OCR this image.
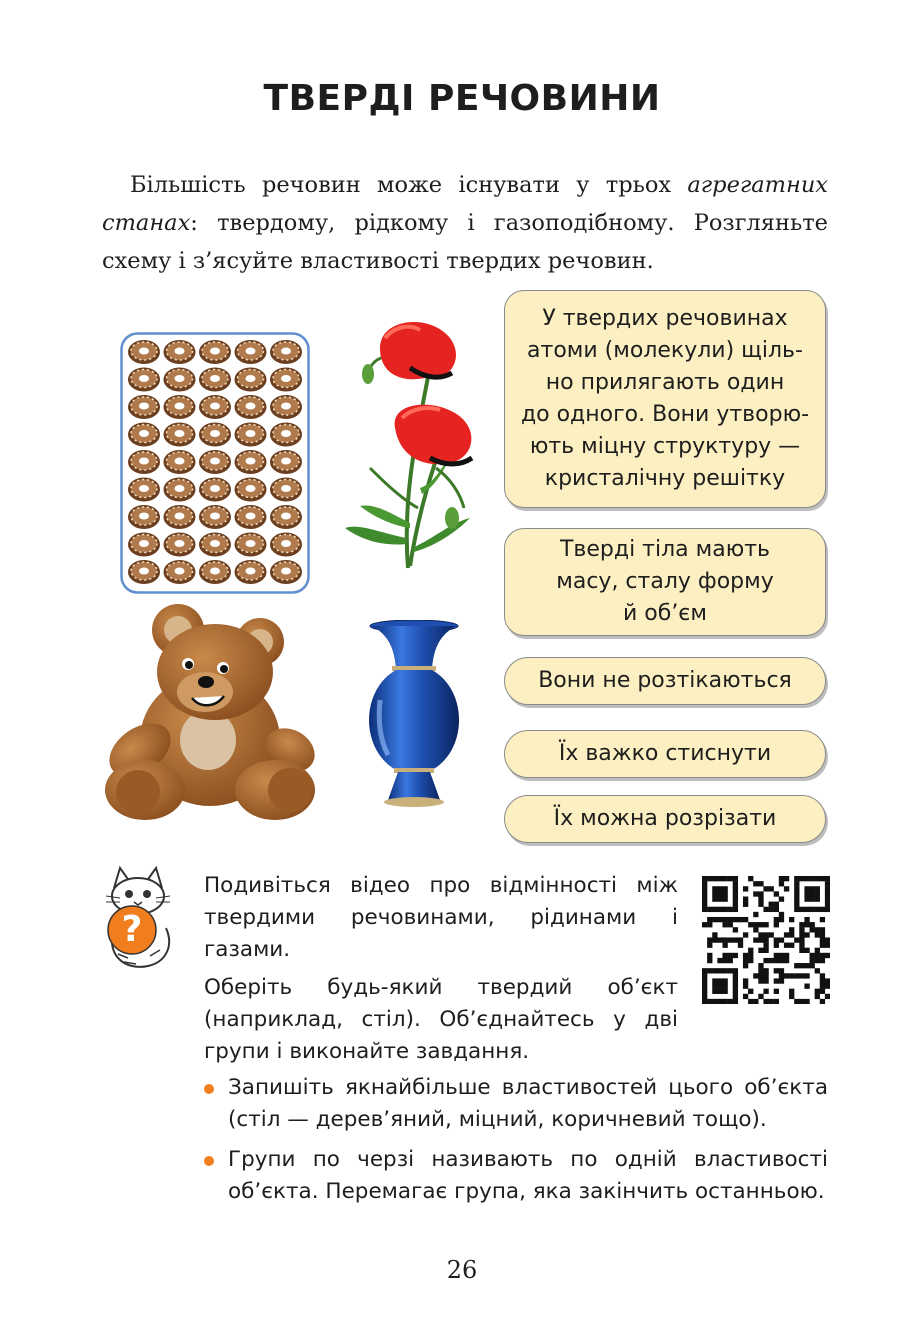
ТВЕРДІ РЕЧОВИНИ

Більшість речовин може існувати у трьох агрегатних станах: твердому, рідкому і газоподібному. Розгляньте схему і з’ясуйте властивості твердих речовин.

У твердих речовинах
атоми (молекули) щіль-
но прилягають один
до одного. Вони утворю-
ють міцну структуру —
кристалічну решітку
Тверді тіла мають
масу, сталу форму
й об’єм
Вони не розтікаються
Їх важко стиснути
Їх можна розрізати
?

Подивіться відео про відмінності між твердими речовинами, рідинами і газами.

Оберіть будь-який твердий об’єкт (наприклад, стіл). Об’єднайтесь у дві групи і виконайте завдання.

Запишіть якнайбільше властивостей цього об’єкта (стіл — дерев’яний, міцний, коричневий тощо).

Групи по черзі називають по одній властивості об’єкта. Перемагає група, яка закінчить останньою.

26
